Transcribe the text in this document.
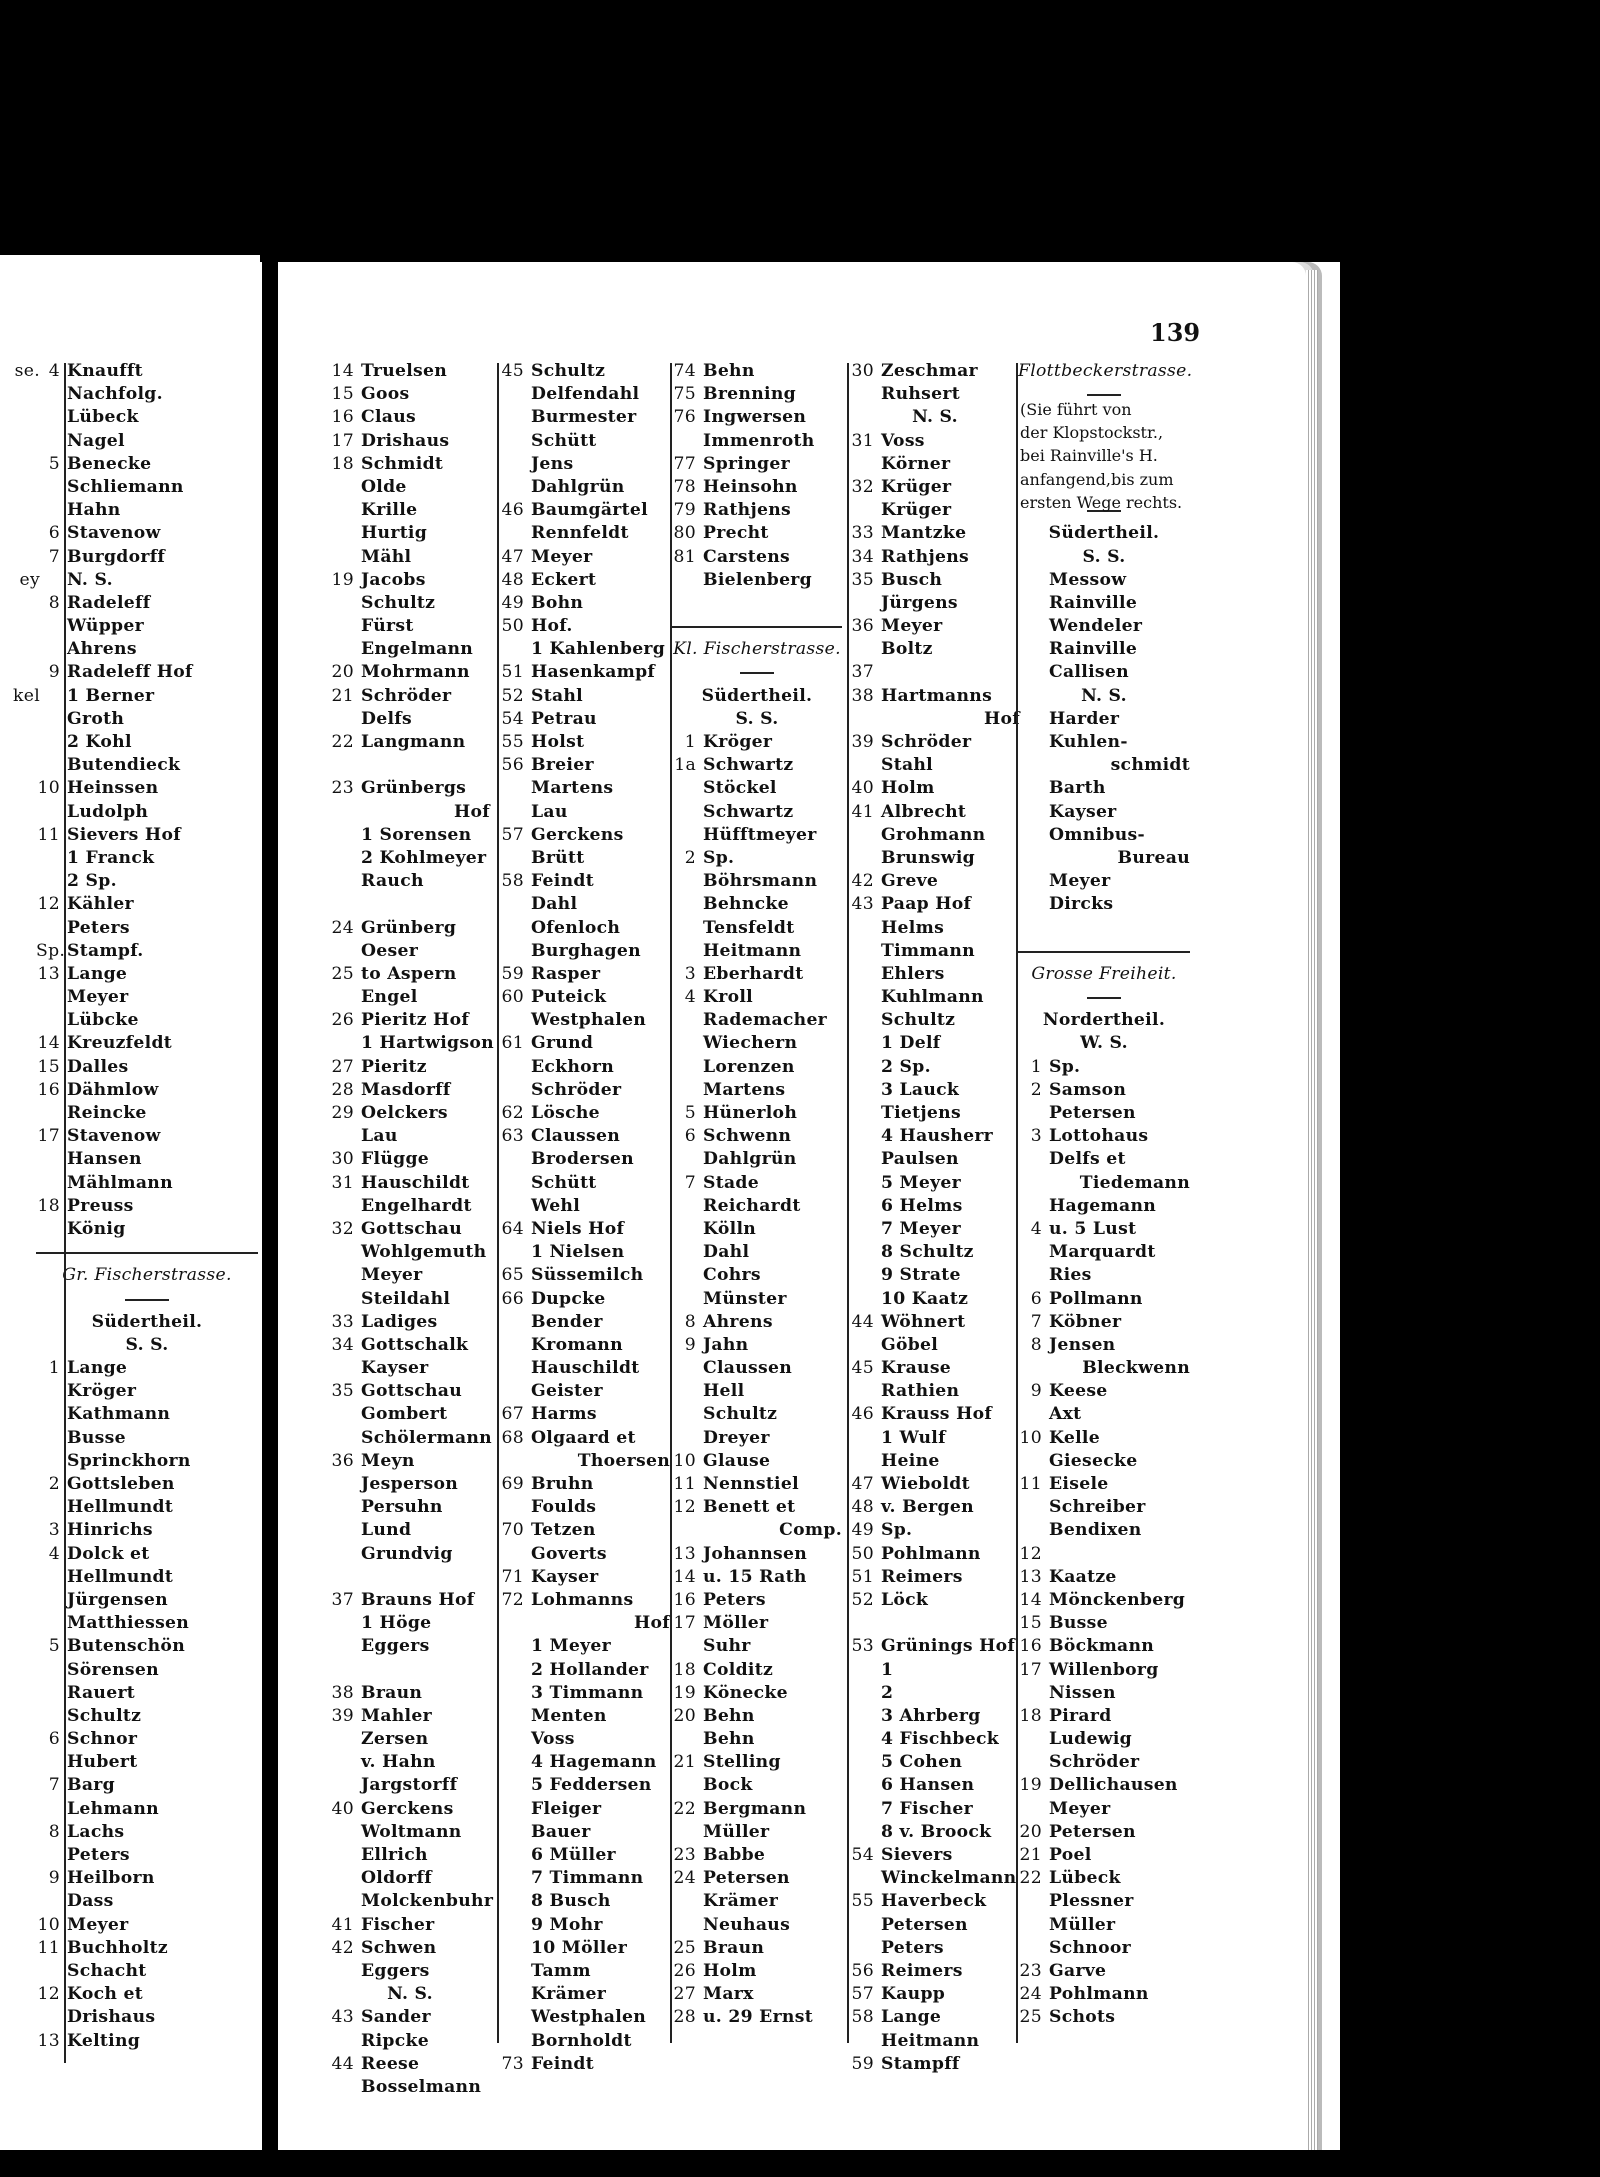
139
se.
ey
kel
4 Knaufft
Nachfolg.
Lübeck
Nagel
5 Benecke
Schliemann
Hahn
6 Stavenow
7 Burgdorff
N. S.
8 Radeleff
Wüpper
Ahrens
9 Radeleff Hof
1 Berner
Groth
2 Kohl
Butendieck
10 Heinssen
Ludolph
11 Sievers Hof
1 Franck
2 Sp.
12 Kähler
Peters
Sp. Stampf.
13 Lange
Meyer
Lübcke
14 Kreuzfeldt
15 Dalles
16 Dähmlow
Reincke
17 Stavenow
Hansen
Mählmann
18 Preuss
König
Gr. Fischerstrasse.
Südertheil.
S. S.
1 Lange
Kröger
Kathmann
Busse
Sprinckhorn
2 Gottsleben
Hellmundt
3 Hinrichs
4 Dolck et
Hellmundt
Jürgensen
Matthiessen
5 Butenschön
Sörensen
Rauert
Schultz
6 Schnor
Hubert
7 Barg
Lehmann
8 Lachs
Peters
9 Heilborn
Dass
10 Meyer
11 Buchholtz
Schacht
12 Koch et
Drishaus
13 Kelting
14 Truelsen
15 Goos
16 Claus
17 Drishaus
18 Schmidt
Olde
Krille
Hurtig
Mähl
19 Jacobs
Schultz
Fürst
Engelmann
20 Mohrmann
21 Schröder
Delfs
22 Langmann
23 Grünbergs
Hof
1 Sorensen
2 Kohlmeyer
Rauch
24 Grünberg
Oeser
25 to Aspern
Engel
26 Pieritz Hof
1 Hartwigson
27 Pieritz
28 Masdorff
29 Oelckers
Lau
30 Flügge
31 Hauschildt
Engelhardt
32 Gottschau
Wohlgemuth
Meyer
Steildahl
33 Ladiges
34 Gottschalk
Kayser
35 Gottschau
Gombert
Schölermann
36 Meyn
Jesperson
Persuhn
Lund
Grundvig
37 Brauns Hof
1 Höge
Eggers
38 Braun
39 Mahler
Zersen
v. Hahn
Jargstorff
40 Gerckens
Woltmann
Ellrich
Oldorff
Molckenbuhr
41 Fischer
42 Schwen
Eggers
N. S.
43 Sander
Ripcke
44 Reese
Bosselmann
45 Schultz
Delfendahl
Burmester
Schütt
Jens
Dahlgrün
46 Baumgärtel
Rennfeldt
47 Meyer
48 Eckert
49 Bohn
50 Hof.
1 Kahlenberg
51 Hasenkampf
52 Stahl
54 Petrau
55 Holst
56 Breier
Martens
Lau
57 Gerckens
Brütt
58 Feindt
Dahl
Ofenloch
Burghagen
59 Rasper
60 Puteick
Westphalen
61 Grund
Eckhorn
Schröder
62 Lösche
63 Claussen
Brodersen
Schütt
Wehl
64 Niels Hof
1 Nielsen
65 Süssemilch
66 Dupcke
Bender
Kromann
Hauschildt
Geister
67 Harms
68 Olgaard et
Thoersen
69 Bruhn
Foulds
70 Tetzen
Goverts
71 Kayser
72 Lohmanns
Hof
1 Meyer
2 Hollander
3 Timmann
Menten
Voss
4 Hagemann
5 Feddersen
Fleiger
Bauer
6 Müller
7 Timmann
8 Busch
9 Mohr
10 Möller
Tamm
Krämer
Westphalen
Bornholdt
73 Feindt
74 Behn
75 Brenning
76 Ingwersen
Immenroth
77 Springer
78 Heinsohn
79 Rathjens
80 Precht
81 Carstens
Bielenberg
Kl. Fischerstrasse.
Südertheil.
S. S.
1 Kröger
1a Schwartz
Stöckel
Schwartz
Hüfftmeyer
2 Sp.
Böhrsmann
Behncke
Tensfeldt
Heitmann
3 Eberhardt
4 Kroll
Rademacher
Wiechern
Lorenzen
Martens
5 Hünerloh
6 Schwenn
Dahlgrün
7 Stade
Reichardt
Kölln
Dahl
Cohrs
Münster
8 Ahrens
9 Jahn
Claussen
Hell
Schultz
Dreyer
10 Glause
11 Nennstiel
12 Benett et
Comp.
13 Johannsen
14 u. 15 Rath
16 Peters
17 Möller
Suhr
18 Colditz
19 Könecke
20 Behn
Behn
21 Stelling
Bock
22 Bergmann
Müller
23 Babbe
24 Petersen
Krämer
Neuhaus
25 Braun
26 Holm
27 Marx
28 u. 29 Ernst
30 Zeschmar
Ruhsert
N. S.
31 Voss
Körner
32 Krüger
Krüger
33 Mantzke
34 Rathjens
35 Busch
Jürgens
36 Meyer
Boltz
37
38 Hartmanns
Hof
39 Schröder
Stahl
40 Holm
41 Albrecht
Grohmann
Brunswig
42 Greve
43 Paap Hof
Helms
Timmann
Ehlers
Kuhlmann
Schultz
1 Delf
2 Sp.
3 Lauck
Tietjens
4 Hausherr
Paulsen
5 Meyer
6 Helms
7 Meyer
8 Schultz
9 Strate
10 Kaatz
44 Wöhnert
Göbel
45 Krause
Rathien
46 Krauss Hof
1 Wulf
Heine
47 Wieboldt
48 v. Bergen
49 Sp.
50 Pohlmann
51 Reimers
52 Löck
53 Grünings Hof
1
2
3 Ahrberg
4 Fischbeck
5 Cohen
6 Hansen
7 Fischer
8 v. Broock
54 Sievers
Winckelmann
55 Haverbeck
Petersen
Peters
56 Reimers
57 Kaupp
58 Lange
Heitmann
59 Stampff
Flottbeckerstrasse.
Südertheil.
S. S.
Messow
Rainville
Wendeler
Rainville
Callisen
N. S.
Harder
Kuhlen-
schmidt
Barth
Kayser
Omnibus-
Bureau
Meyer
Dircks
Grosse Freiheit.
Nordertheil.
W. S.
1 Sp.
2 Samson
Petersen
3 Lottohaus
Delfs et
Tiedemann
Hagemann
4 u. 5 Lust
Marquardt
Ries
6 Pollmann
7 Köbner
8 Jensen
Bleckwenn
9 Keese
Axt
10 Kelle
Giesecke
11 Eisele
Schreiber
Bendixen
12
13 Kaatze
14 Mönckenberg
15 Busse
16 Böckmann
17 Willenborg
Nissen
18 Pirard
Ludewig
Schröder
19 Dellichausen
Meyer
20 Petersen
21 Poel
22 Lübeck
Plessner
Müller
Schnoor
23 Garve
24 Pohlmann
25 Schots
(Sie führt von
der Klopstockstr.,
bei Rainville's H.
anfangend,bis zum
ersten Wege rechts.
